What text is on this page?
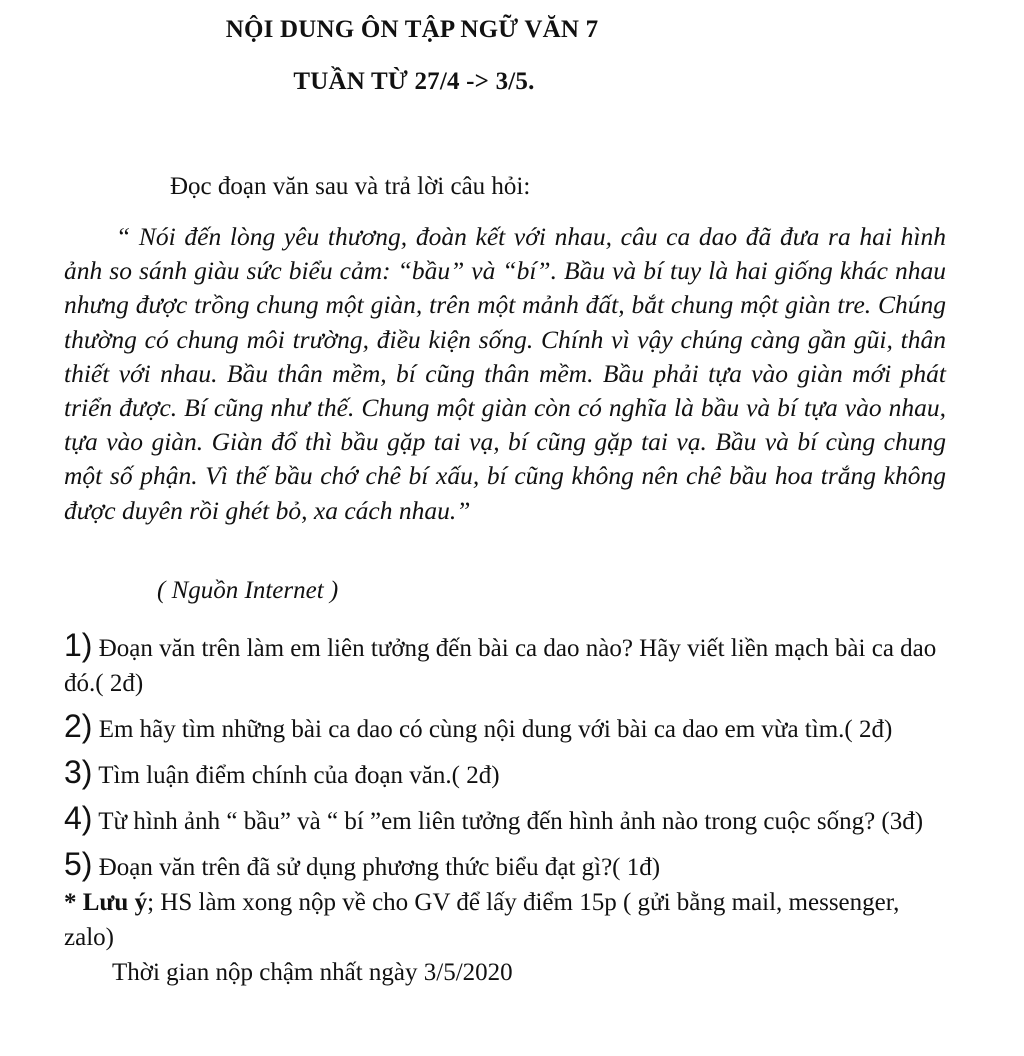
NỘI DUNG ÔN TẬP NGỮ VĂN 7
TUẦN TỪ 27/4 -> 3/5.
Đọc đoạn văn sau và trả lời câu hỏi:
“ Nói đến lòng yêu thương, đoàn kết với nhau, câu ca dao đã đưa ra hai hình ảnh so sánh giàu sức biểu cảm: “bầu” và “bí”. Bầu và bí tuy là hai giống khác nhau nhưng được trồng chung một giàn, trên một mảnh đất, bắt chung một giàn tre. Chúng thường có chung môi trường, điều kiện sống. Chính vì vậy chúng càng gần gũi, thân thiết với nhau. Bầu thân mềm, bí cũng thân mềm. Bầu phải tựa vào giàn mới phát triển được. Bí cũng như thế. Chung một giàn còn có nghĩa là bầu và bí tựa vào nhau, tựa vào giàn. Giàn đổ thì bầu gặp tai vạ, bí cũng gặp tai vạ. Bầu và bí cùng chung một số phận. Vì thế bầu chớ chê bí xấu, bí cũng không nên chê bầu hoa trắng không được duyên rồi ghét bỏ, xa cách nhau.”
( Nguồn Internet )
1) Đoạn văn trên làm em liên tưởng đến bài ca dao nào? Hãy viết liền mạch bài ca dao đó.( 2đ)
2) Em hãy tìm những bài ca dao có cùng nội dung với bài ca dao em vừa tìm.( 2đ)
3) Tìm luận điểm chính của đoạn văn.( 2đ)
4) Từ hình ảnh “ bầu” và “ bí ”em liên tưởng đến hình ảnh nào trong cuộc sống? (3đ)
5) Đoạn văn trên đã sử dụng phương thức biểu đạt gì?( 1đ)
* Lưu ý; HS làm xong nộp về cho GV để lấy điểm 15p ( gửi bằng mail, messenger, zalo)
Thời gian nộp chậm nhất ngày 3/5/2020
